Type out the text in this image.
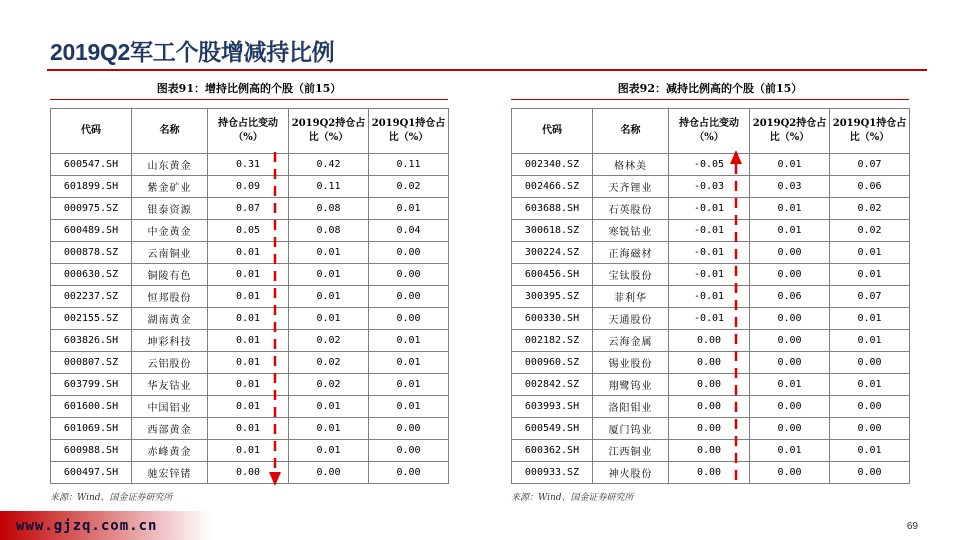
2019Q2军工个股增减持比例
图表91：增持比例高的个股（前15）
代码	名称	持仓占比变动（%）	2019Q2持仓占比（%）	2019Q1持仓占比（%）
600547.SH	山东黄金	0.31	0.42	0.11
601899.SH	紫金矿业	0.09	0.11	0.02
000975.SZ	银泰资源	0.07	0.08	0.01
600489.SH	中金黄金	0.05	0.08	0.04
000878.SZ	云南铜业	0.01	0.01	0.00
000630.SZ	铜陵有色	0.01	0.01	0.00
002237.SZ	恒邦股份	0.01	0.01	0.00
002155.SZ	湖南黄金	0.01	0.01	0.00
603826.SH	坤彩科技	0.01	0.02	0.01
000807.SZ	云铝股份	0.01	0.02	0.01
603799.SH	华友钴业	0.01	0.02	0.01
601600.SH	中国铝业	0.01	0.01	0.01
601069.SH	西部黄金	0.01	0.01	0.00
600988.SH	赤峰黄金	0.01	0.01	0.00
600497.SH	驰宏锌锗	0.00	0.00	0.00
来源：Wind、国金证券研究所
图表92：减持比例高的个股（前15）
代码	名称	持仓占比变动（%）	2019Q2持仓占比（%）	2019Q1持仓占比（%）
002340.SZ	格林美	-0.05	0.01	0.07
002466.SZ	天齐锂业	-0.03	0.03	0.06
603688.SH	石英股份	-0.01	0.01	0.02
300618.SZ	寒锐钴业	-0.01	0.01	0.02
300224.SZ	正海磁材	-0.01	0.00	0.01
600456.SH	宝钛股份	-0.01	0.00	0.01
300395.SZ	菲利华	-0.01	0.06	0.07
600330.SH	天通股份	-0.01	0.00	0.01
002182.SZ	云海金属	0.00	0.00	0.01
000960.SZ	锡业股份	0.00	0.00	0.00
002842.SZ	翔鹭钨业	0.00	0.01	0.01
603993.SH	洛阳钼业	0.00	0.00	0.00
600549.SH	厦门钨业	0.00	0.00	0.00
600362.SH	江西铜业	0.00	0.01	0.01
000933.SZ	神火股份	0.00	0.00	0.00
来源：Wind、国金证券研究所
www.gjzq.com.cn	69
